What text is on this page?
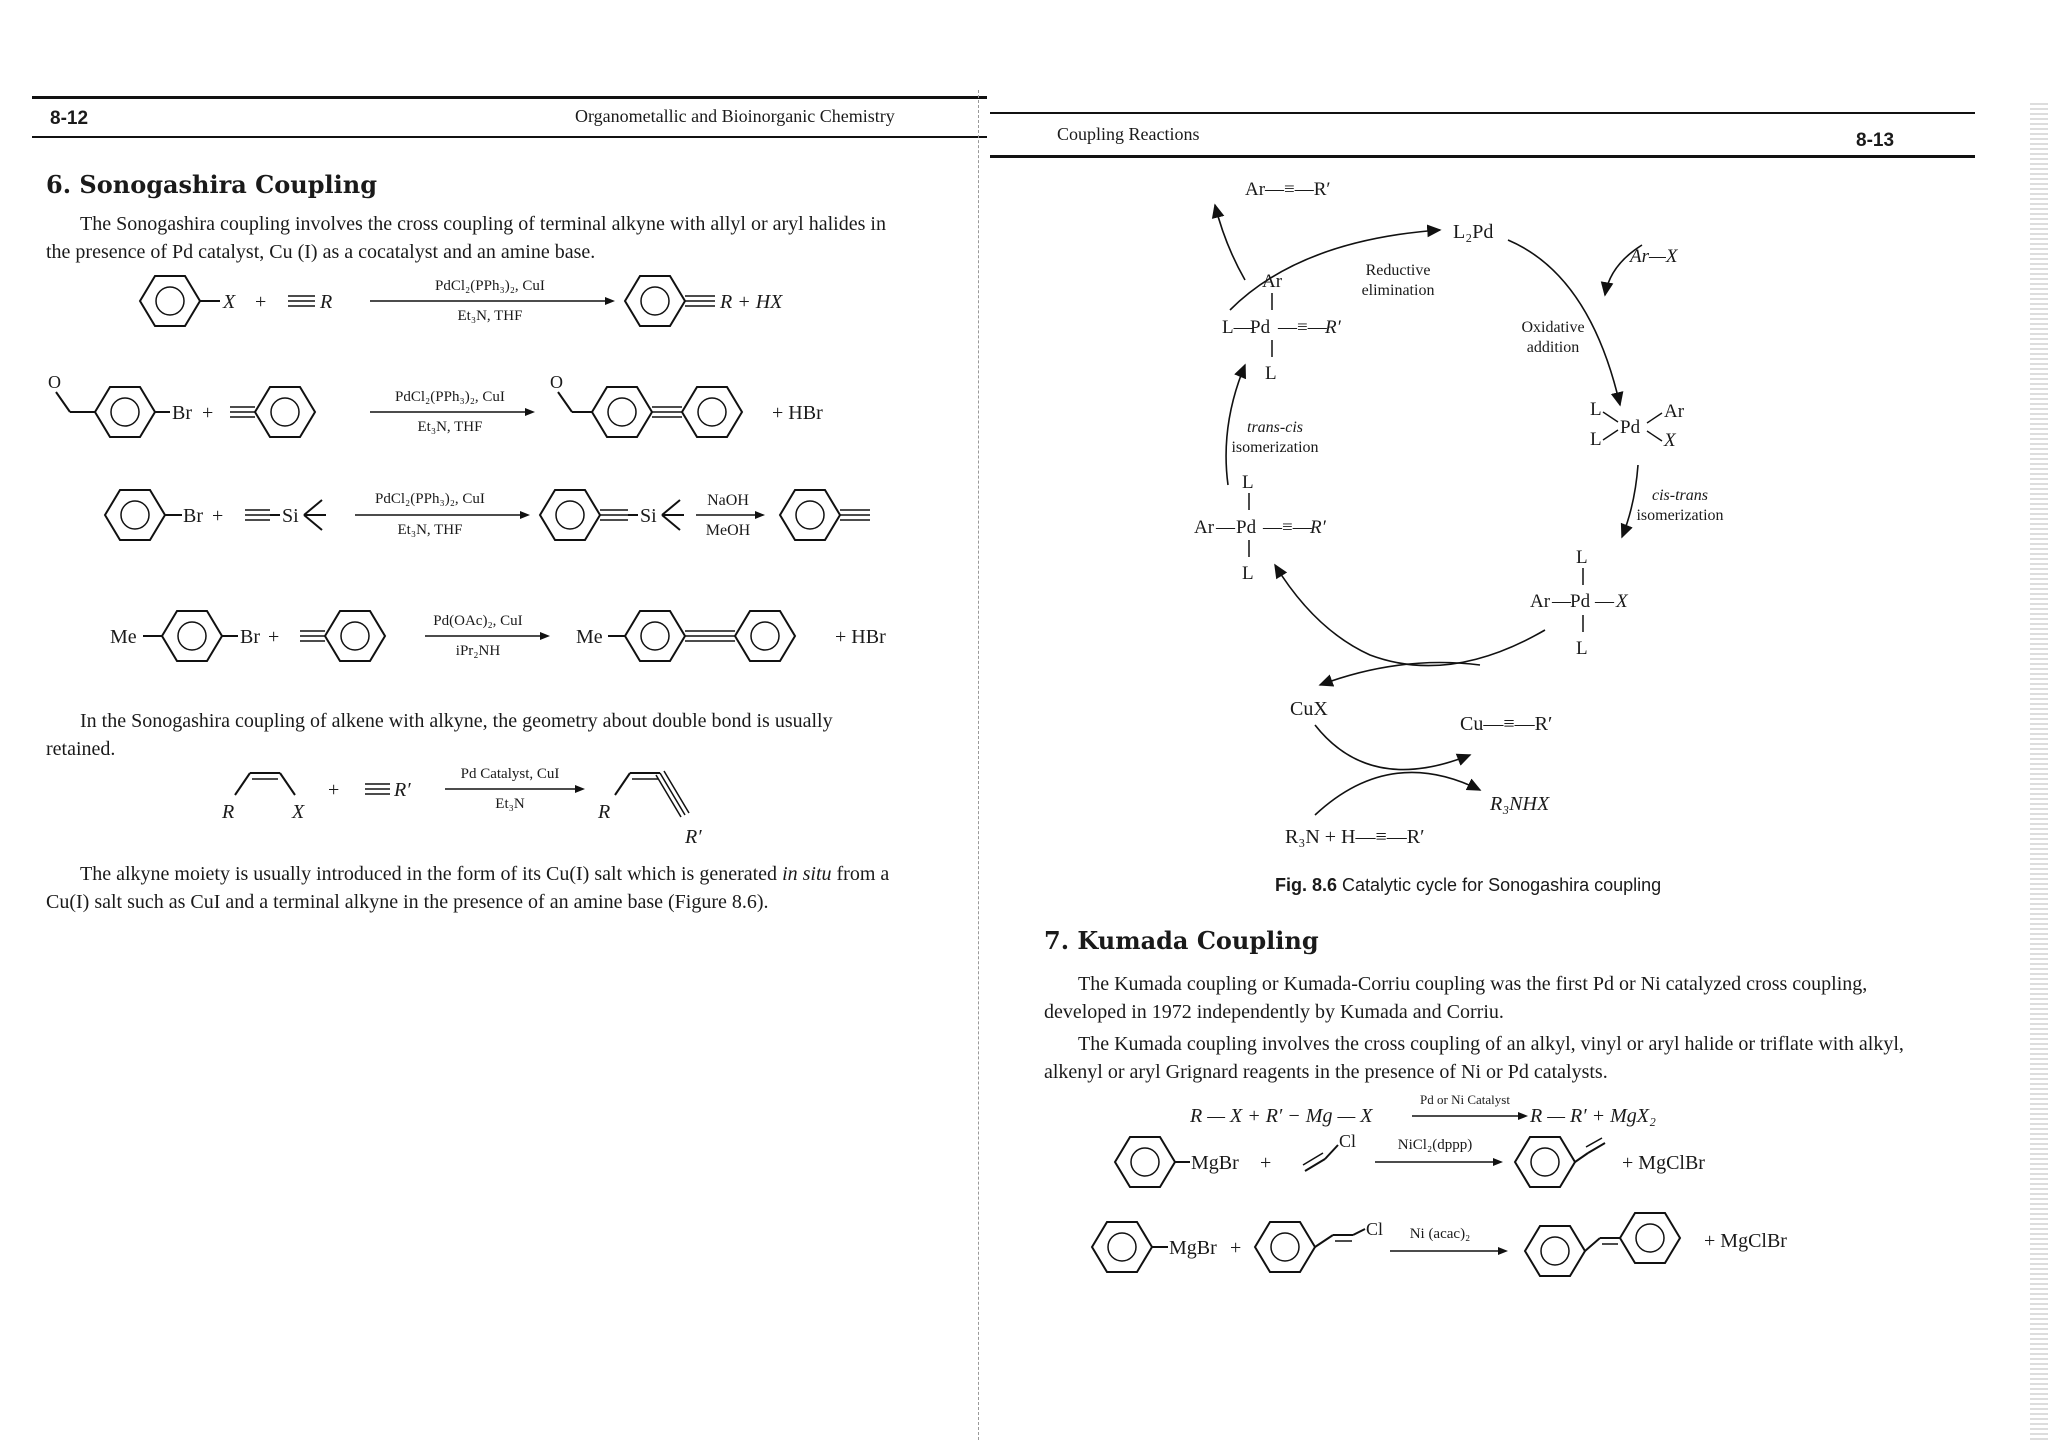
8-12	Organometallic and Bioinorganic Chemistry
6. Sonogashira Coupling

The Sonogashira coupling involves the cross coupling of terminal alkyne with allyl or aryl halides in the presence of Pd catalyst, Cu (I) as a cocatalyst and an amine base.

X +	R
PdCl₂(PPh₃)₂, CuI
Et₃N, THF
R + HX
O
Br +
PdCl₂(PPh₃)₂, CuI
Et₃N, THF
O
+ HBr
Br +	Si
PdCl₂(PPh₃)₂, CuI
Et₃N, THF
Si
NaOH
MeOH
Me	Br +
Pd(OAc)₂, CuI
iPr₂NH
Me	+ HBr

In the Sonogashira coupling of alkene with alkyne, the geometry about double bond is usually retained.

R	X
+	R′
Pd Catalyst, CuI
Et₃N	R
R′

The alkyne moiety is usually introduced in the form of its Cu(I) salt which is generated in situ from a Cu(I) salt such as CuI and a terminal alkyne in the presence of an amine base (Figure 8.6).

Coupling Reactions	8-13
Ar—≡—R′
L₂Pd
Reductive
elimination
Oxidative
addition
Ar—X
Ar
L—
Pd —≡—
R′
L
trans-cis
isomerization
L
L
Pd
Ar
X
cis-trans
isomerization
L
Ar — Pd — X
L
L
Ar — Pd —≡—
R′
L
CuX
Cu—≡—R′
R₃NHX
R₃N + H—≡—R′
Fig. 8.6 Catalytic cycle for Sonogashira coupling
7. Kumada Coupling

The Kumada coupling or Kumada-Corriu coupling was the first Pd or Ni catalyzed cross coupling, developed in 1972 independently by Kumada and Corriu.

The Kumada coupling involves the cross coupling of an alkyl, vinyl or aryl halide or triflate with alkyl, alkenyl or aryl Grignard reagents in the presence of Ni or Pd catalysts.

R — X + R′ − Mg — X
Pd or Ni Catalyst
R — R′ + MgX₂
MgBr +
Cl	NiCl₂(dppp)
+ MgClBr
MgBr +
Cl Ni (acac)₂	+ MgClBr
